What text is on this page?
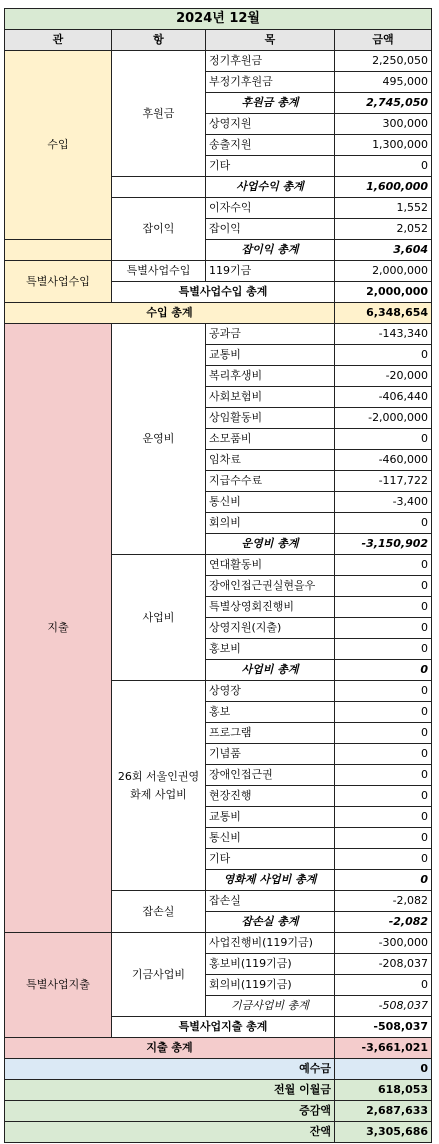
2024년 12월			
관	항	목	금액
수입	후원금	정기후원금	2,250,050
		부정기후원금	495,000
		후원금 총계	2,745,050
		상영지원	300,000
		송출지원	1,300,000
		기타	0
		사업수익 총계	1,600,000
	잡이익	이자수익	1,552
		잡이익	2,052
		잡이익 총계	3,604
특별사업수입	특별사업수입	119기금	2,000,000
	특별사업수입 총계		2,000,000
수입 총계			6,348,654
지출	운영비	공과금	-143,340
		교통비	0
		복리후생비	-20,000
		사회보험비	-406,440
		상임활동비	-2,000,000
		소모품비	0
		임차료	-460,000
		지급수수료	-117,722
		통신비	-3,400
		회의비	0
		운영비 총계	-3,150,902
	사업비	연대활동비	0
		장애인접근권실현을우	0
		특별상영회진행비	0
		상영지원(지출)	0
		홍보비	0
		사업비 총계	0
	26회 서울인권영화제 사업비	상영장	0
		홍보	0
		프로그램	0
		기념품	0
		장애인접근권	0
		현장진행	0
		교통비	0
		통신비	0
		기타	0
		영화제 사업비 총계	0
	잡손실	잡손실	-2,082
		잡손실 총계	-2,082
특별사업지출	기금사업비	사업진행비(119기금)	-300,000
		홍보비(119기금)	-208,037
		회의비(119기금)	0
		기금사업비 총계	-508,037
	특별사업지출 총계		-508,037
지출 총계			-3,661,021
예수금			0
전월 이월금			618,053
증감액			2,687,633
잔액			3,305,686
